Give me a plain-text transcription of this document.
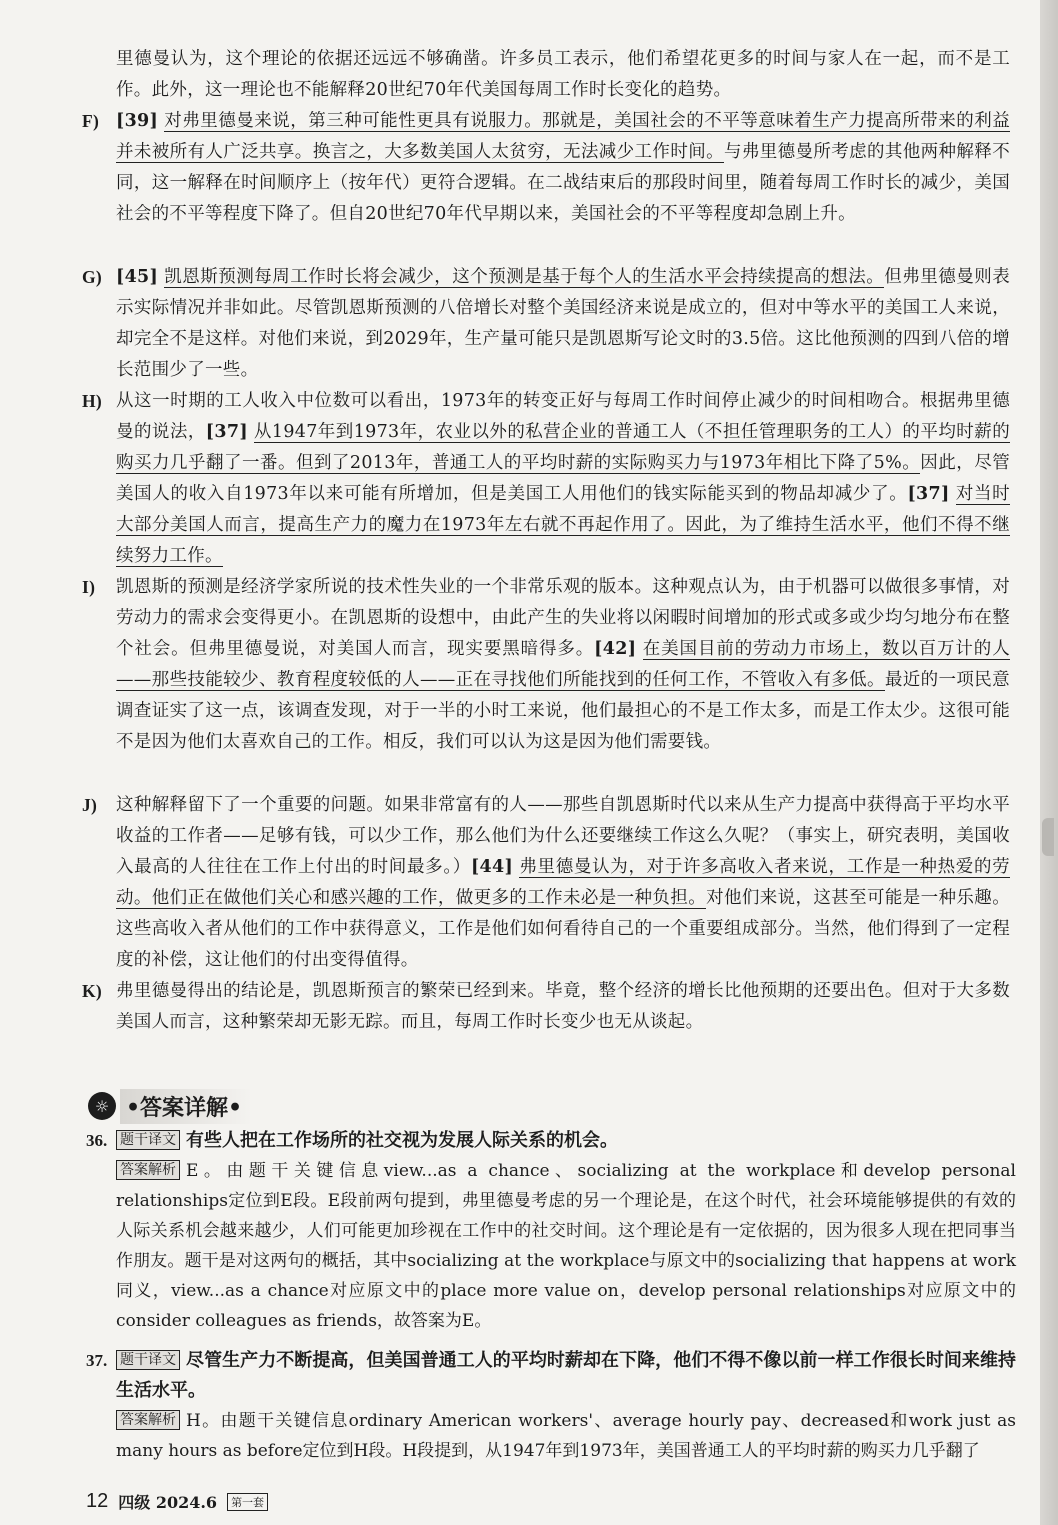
里德曼认为，这个理论的依据还远远不够确凿。许多员工表示，他们希望花更多的时间与家人在一起，而不是工作。此外，这一理论也不能解释20世纪70年代美国每周工作时长变化的趋势。
F) [39] 对弗里德曼来说，第三种可能性更具有说服力。那就是，美国社会的不平等意味着生产力提高所带来的利益并未被所有人广泛共享。换言之，大多数美国人太贫穷，无法减少工作时间。与弗里德曼所考虑的其他两种解释不同，这一解释在时间顺序上（按年代）更符合逻辑。在二战结束后的那段时间里，随着每周工作时长的减少，美国社会的不平等程度下降了。但自20世纪70年代早期以来，美国社会的不平等程度却急剧上升。
G) [45] 凯恩斯预测每周工作时长将会减少，这个预测是基于每个人的生活水平会持续提高的想法。但弗里德曼则表示实际情况并非如此。尽管凯恩斯预测的八倍增长对整个美国经济来说是成立的，但对中等水平的美国工人来说，却完全不是这样。对他们来说，到2029年，生产量可能只是凯恩斯写论文时的3.5倍。这比他预测的四到八倍的增长范围少了一些。
H) 从这一时期的工人收入中位数可以看出，1973年的转变正好与每周工作时间停止减少的时间相吻合。根据弗里德曼的说法，[37] 从1947年到1973年，农业以外的私营企业的普通工人（不担任管理职务的工人）的平均时薪的购买力几乎翻了一番。但到了2013年，普通工人的平均时薪的实际购买力与1973年相比下降了5%。因此，尽管美国人的收入自1973年以来可能有所增加，但是美国工人用他们的钱实际能买到的物品却减少了。[37] 对当时大部分美国人而言，提高生产力的魔力在1973年左右就不再起作用了。因此，为了维持生活水平，他们不得不继续努力工作。
I) 凯恩斯的预测是经济学家所说的技术性失业的一个非常乐观的版本。这种观点认为，由于机器可以做很多事情，对劳动力的需求会变得更小。在凯恩斯的设想中，由此产生的失业将以闲暇时间增加的形式或多或少均匀地分布在整个社会。但弗里德曼说，对美国人而言，现实要黑暗得多。[42] 在美国目前的劳动力市场上，数以百万计的人——那些技能较少、教育程度较低的人——正在寻找他们所能找到的任何工作，不管收入有多低。最近的一项民意调查证实了这一点，该调查发现，对于一半的小时工来说，他们最担心的不是工作太多，而是工作太少。这很可能不是因为他们太喜欢自己的工作。相反，我们可以认为这是因为他们需要钱。
J) 这种解释留下了一个重要的问题。如果非常富有的人——那些自凯恩斯时代以来从生产力提高中获得高于平均水平收益的工作者——足够有钱，可以少工作，那么他们为什么还要继续工作这么久呢？（事实上，研究表明，美国收入最高的人往往在工作上付出的时间最多。）[44] 弗里德曼认为，对于许多高收入者来说，工作是一种热爱的劳动。他们正在做他们关心和感兴趣的工作，做更多的工作未必是一种负担。对他们来说，这甚至可能是一种乐趣。这些高收入者从他们的工作中获得意义，工作是他们如何看待自己的一个重要组成部分。当然，他们得到了一定程度的补偿，这让他们的付出变得值得。
K) 弗里德曼得出的结论是，凯恩斯预言的繁荣已经到来。毕竟，整个经济的增长比他预期的还要出色。但对于大多数美国人而言，这种繁荣却无影无踪。而且，每周工作时长变少也无从谈起。
☼ •答案详解•
36. 题干译文 有些人把在工作场所的社交视为发展人际关系的机会。
答案解析 E。由题干关键信息view...as a chance、socializing at the workplace和develop personal relationships定位到E段。E段前两句提到，弗里德曼考虑的另一个理论是，在这个时代，社会环境能够提供的有效的人际关系机会越来越少，人们可能更加珍视在工作中的社交时间。这个理论是有一定依据的，因为很多人现在把同事当作朋友。题干是对这两句的概括，其中socializing at the workplace与原文中的socializing that happens at work同义，view...as a chance对应原文中的place more value on，develop personal relationships对应原文中的consider colleagues as friends，故答案为E。
37. 题干译文 尽管生产力不断提高，但美国普通工人的平均时薪却在下降，他们不得不像以前一样工作很长时间来维持生活水平。
答案解析 H。由题干关键信息ordinary American workers'、average hourly pay、decreased和work just as many hours as before定位到H段。H段提到，从1947年到1973年，美国普通工人的平均时薪的购买力几乎翻了
12 四级 2024.6	第一套
